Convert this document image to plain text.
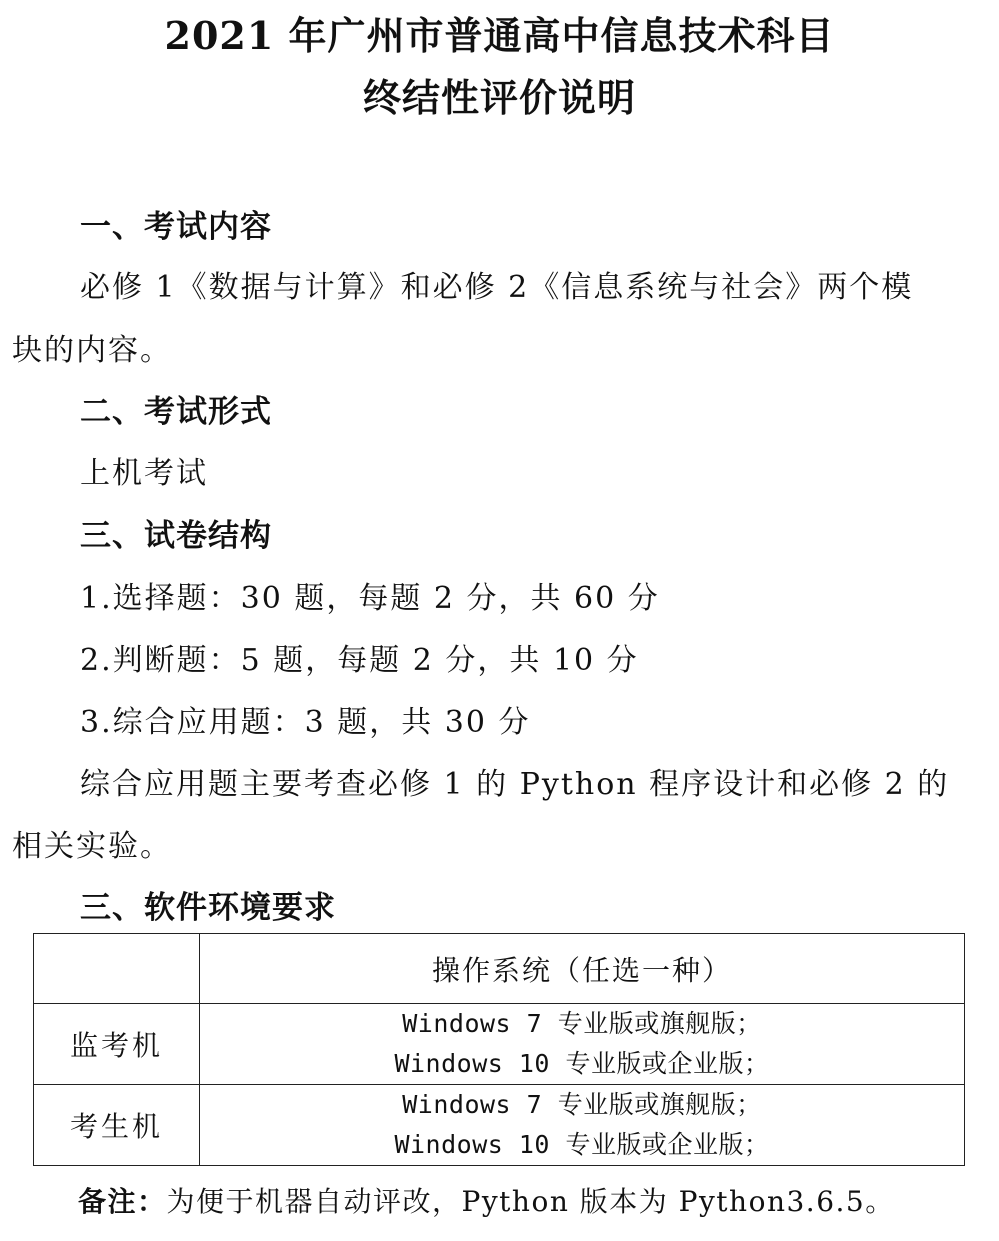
2021 年广州市普通高中信息技术科目
终结性评价说明
一、考试内容
必修 1《数据与计算》和必修 2《信息系统与社会》两个模
块的内容。
二、考试形式
上机考试
三、试卷结构
1.选择题：30 题，每题 2 分，共 60 分
2.判断题：5 题，每题 2 分，共 10 分
3.综合应用题：3 题，共 30 分
综合应用题主要考查必修 1 的 Python 程序设计和必修 2 的
相关实验。
三、软件环境要求
	操作系统（任选一种）
监考机	Windows 7 专业版或旗舰版；
Windows 10 专业版或企业版；

考生机	Windows 7 专业版或旗舰版；
Windows 10 专业版或企业版；
备注：为便于机器自动评改，Python 版本为 Python3.6.5。
